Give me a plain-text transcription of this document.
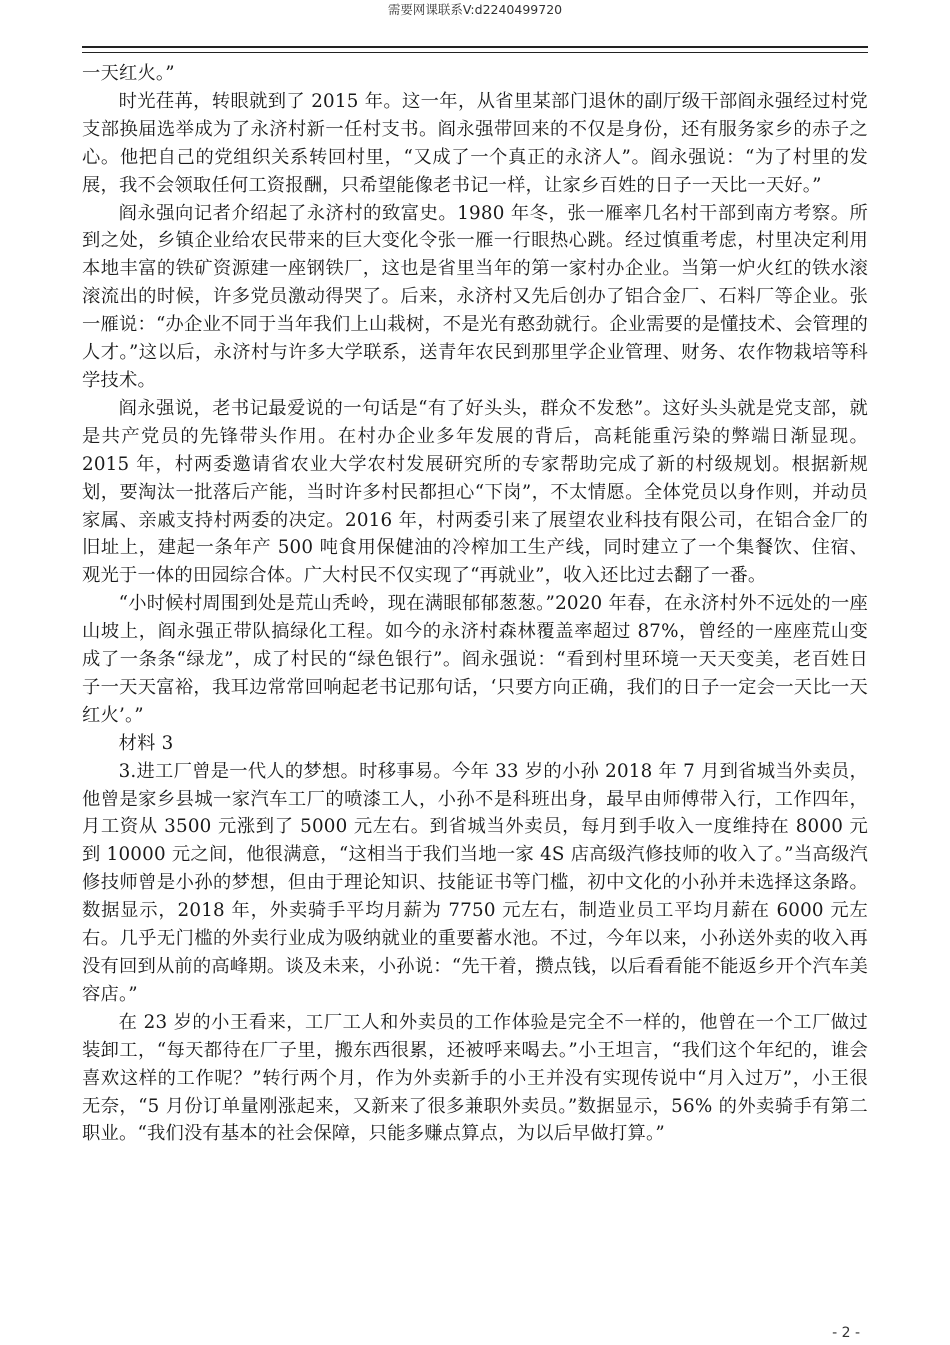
需要网课联系V:d2240499720

一天红火。”

时光荏苒，转眼就到了 2015 年。这一年，从省里某部门退休的副厅级干部阎永强经过村党支部换届选举成为了永济村新一任村支书。阎永强带回来的不仅是身份，还有服务家乡的赤子之心。他把自己的党组织关系转回村里，“又成了一个真正的永济人”。阎永强说：“为了村里的发展，我不会领取任何工资报酬，只希望能像老书记一样，让家乡百姓的日子一天比一天好。”

阎永强向记者介绍起了永济村的致富史。1980 年冬，张一雁率几名村干部到南方考察。所到之处，乡镇企业给农民带来的巨大变化令张一雁一行眼热心跳。经过慎重考虑，村里决定利用本地丰富的铁矿资源建一座钢铁厂，这也是省里当年的第一家村办企业。当第一炉火红的铁水滚滚流出的时候，许多党员激动得哭了。后来，永济村又先后创办了铝合金厂、石料厂等企业。张一雁说：“办企业不同于当年我们上山栽树，不是光有憨劲就行。企业需要的是懂技术、会管理的人才。”这以后，永济村与许多大学联系，送青年农民到那里学企业管理、财务、农作物栽培等科学技术。

阎永强说，老书记最爱说的一句话是“有了好头头，群众不发愁”。这好头头就是党支部，就是共产党员的先锋带头作用。在村办企业多年发展的背后，高耗能重污染的弊端日渐显现。2015 年，村两委邀请省农业大学农村发展研究所的专家帮助完成了新的村级规划。根据新规划，要淘汰一批落后产能，当时许多村民都担心“下岗”，不太情愿。全体党员以身作则，并动员家属、亲戚支持村两委的决定。2016 年，村两委引来了展望农业科技有限公司，在铝合金厂的旧址上，建起一条年产 500 吨食用保健油的冷榨加工生产线，同时建立了一个集餐饮、住宿、观光于一体的田园综合体。广大村民不仅实现了“再就业”，收入还比过去翻了一番。

“小时候村周围到处是荒山秃岭，现在满眼郁郁葱葱。”2020 年春，在永济村外不远处的一座山坡上，阎永强正带队搞绿化工程。如今的永济村森林覆盖率超过 87%，曾经的一座座荒山变成了一条条“绿龙”，成了村民的“绿色银行”。阎永强说：“看到村里环境一天天变美，老百姓日子一天天富裕，我耳边常常回响起老书记那句话，‘只要方向正确，我们的日子一定会一天比一天红火’。”

材料 3

3.进工厂曾是一代人的梦想。时移事易。今年 33 岁的小孙 2018 年 7 月到省城当外卖员，他曾是家乡县城一家汽车工厂的喷漆工人，小孙不是科班出身，最早由师傅带入行，工作四年，月工资从 3500 元涨到了 5000 元左右。到省城当外卖员，每月到手收入一度维持在 8000 元到 10000 元之间，他很满意，“这相当于我们当地一家 4S 店高级汽修技师的收入了。”当高级汽修技师曾是小孙的梦想，但由于理论知识、技能证书等门槛，初中文化的小孙并未选择这条路。数据显示，2018 年，外卖骑手平均月薪为 7750 元左右，制造业员工平均月薪在 6000 元左右。几乎无门槛的外卖行业成为吸纳就业的重要蓄水池。不过，今年以来，小孙送外卖的收入再没有回到从前的高峰期。谈及未来，小孙说：“先干着，攒点钱，以后看看能不能返乡开个汽车美容店。”

在 23 岁的小王看来，工厂工人和外卖员的工作体验是完全不一样的，他曾在一个工厂做过装卸工，“每天都待在厂子里，搬东西很累，还被呼来喝去。”小王坦言，“我们这个年纪的，谁会喜欢这样的工作呢？”转行两个月，作为外卖新手的小王并没有实现传说中“月入过万”，小王很无奈，“5 月份订单量刚涨起来，又新来了很多兼职外卖员。”数据显示，56% 的外卖骑手有第二职业。“我们没有基本的社会保障，只能多赚点算点，为以后早做打算。”

- 2 -
